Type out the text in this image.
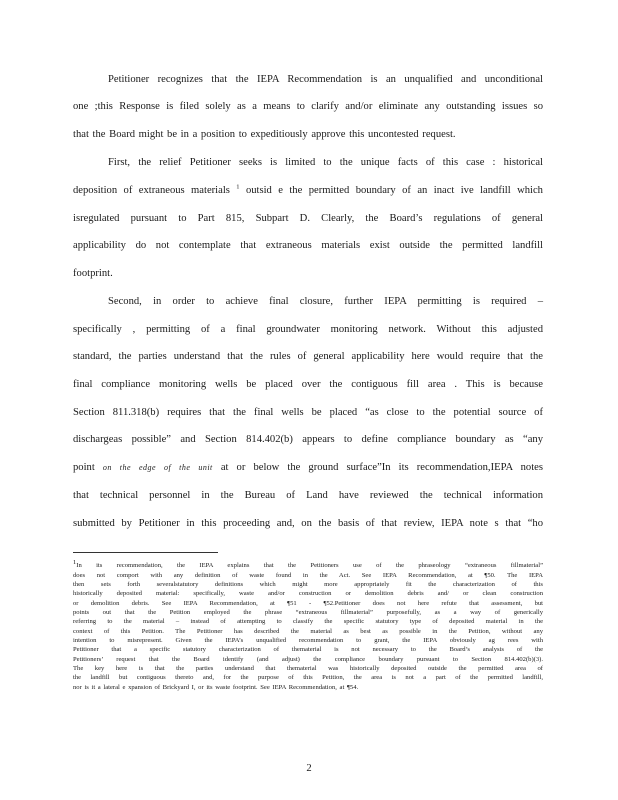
Petitioner recognizes that the IEPA Recommendation is an unqualified and unconditional
one ;this Response is filed solely as a means to clarify and/or eliminate any outstanding issues so
that the Board might be in a position to expeditiously approve this uncontested request.
First, the relief Petitioner seeks is limited to the unique facts of this case : historical
deposition of extraneous materials $^1$ outsid e the permitted boundary of an inact ive landfill which
isregulated pursuant to Part 815, Subpart D. Clearly, the Board’s regulations of general
applicability do not contemplate that extraneous materials exist outside the permitted landfill
footprint.
Second, in order to achieve final closure, further IEPA permitting is required –
specifically , permitting of a final groundwater monitoring network. Without this adjusted
standard, the parties understand that the rules of general applicability here would require that the
final compliance monitoring wells be placed over the contiguous fill area . This is because
Section 811.318(b) requires that the final wells be placed “as close to the potential source of
dischargeas possible” and Section 814.402(b) appears to define compliance boundary as “any
point on the edge of the unit at or below the ground surface”In its recommendation,IEPA notes
that technical personnel in the Bureau of Land have reviewed the technical information
submitted by Petitioner in this proceeding and, on the basis of that review, IEPA note s that “ho
$^1$In its recommendation, the IEPA explains that the Petitioners use of the phraseology “extraneous fillmaterial”
does not comport with any definition of waste found in the Act. See IEPA Recommendation, at ¶50. The IEPA
then sets forth severalstatutory definitions which might more appropriately fit the characterization of this
historically deposited material: specifically, waste and/or construction or demolition debris and/ or clean construction
or demolition debris. See IEPA Recommendation, at ¶51 - ¶52.Petitioner does not here refute that assessment, but
points out that the Petition employed the phrase “extraneous fillmaterial” purposefully, as a way of generically
referring to the material – instead of attempting to classify the specific statutory type of deposited material in the
context of this Petition. The Petitioner has described the material as best as possible in the Petition, without any
intention to misrepresent. Given the IEPA’s unqualified recommendation to grant, the IEPA obviously ag rees with
Petitioner that a specific statutory characterization of thematerial is not necessary to the Board’s analysis of the
Petitioners’ request that the Board identify (and adjust) the compliance boundary pursuant to Section 814.402(b)(3).
The key here is that the parties understand that thematerial was historically deposited outside the permitted area of
the landfill but contiguous thereto and, for the purpose of this Petition, the area is not a part of the permitted landfill,
nor is it a lateral e xpansion of Brickyard I, or its waste footprint. See IEPA Recommendation, at ¶54.
2
